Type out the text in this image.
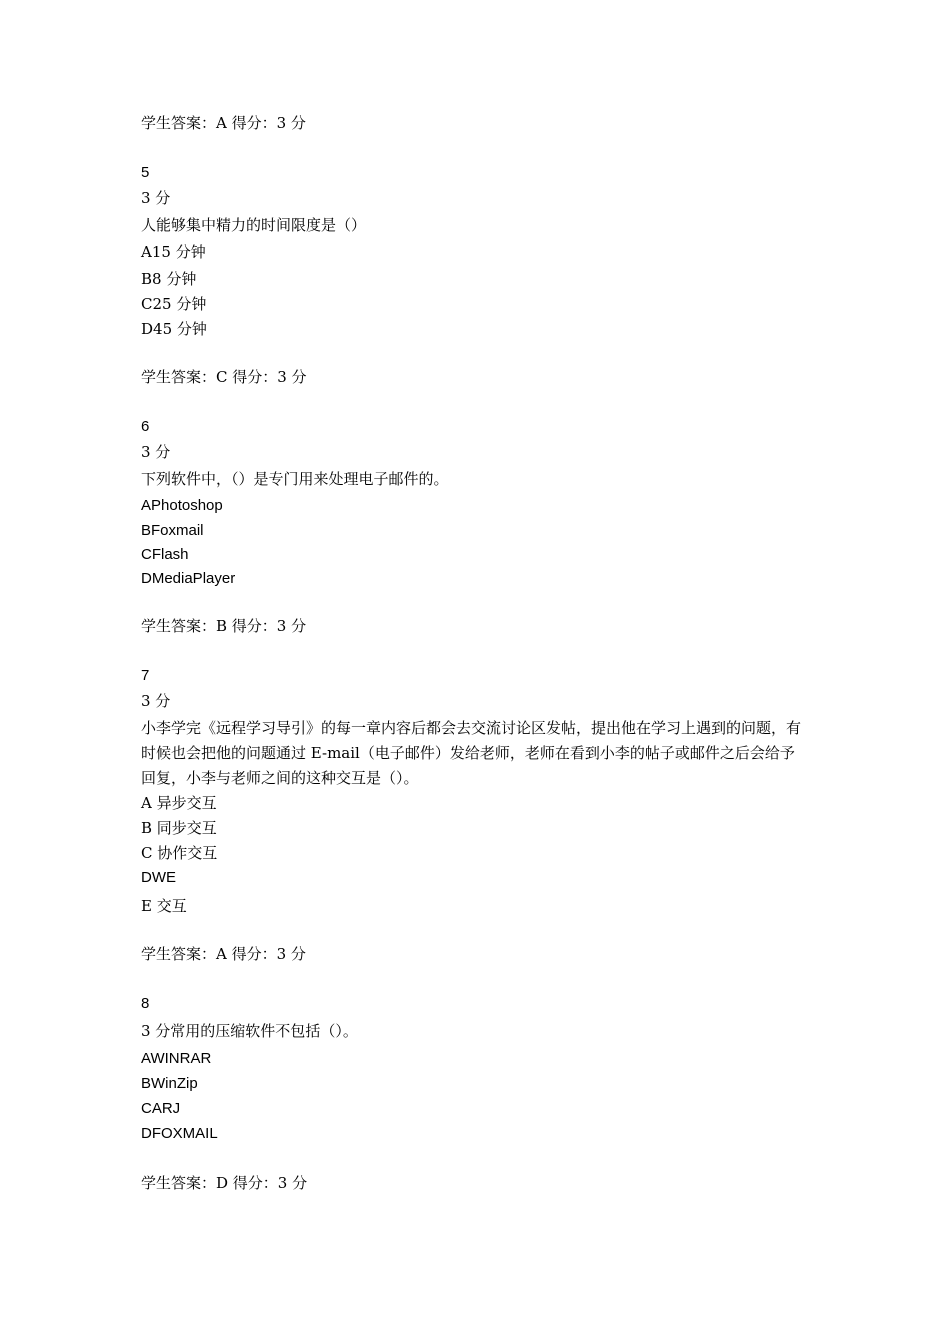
学生答案：A 得分：3 分
5
3 分
人能够集中精力的时间限度是（）
A15 分钟
B8 分钟
C25 分钟
D45 分钟
学生答案：C 得分：3 分
6
3 分
下列软件中，（）是专门用来处理电子邮件的。
APhotoshop
BFoxmail
CFlash
DMediaPlayer
学生答案：B 得分：3 分
7
3 分
小李学完《远程学习导引》的每一章内容后都会去交流讨论区发帖，提出他在学习上遇到的问题，有时候也会把他的问题通过 E-mail（电子邮件）发给老师，老师在看到小李的帖子或邮件之后会给予回复，小李与老师之间的这种交互是（）。
A 异步交互
B 同步交互
C 协作交互
DWE
E 交互
学生答案：A 得分：3 分
8
3 分常用的压缩软件不包括（）。
AWINRAR
BWinZip
CARJ
DFOXMAIL
学生答案：D 得分：3 分
